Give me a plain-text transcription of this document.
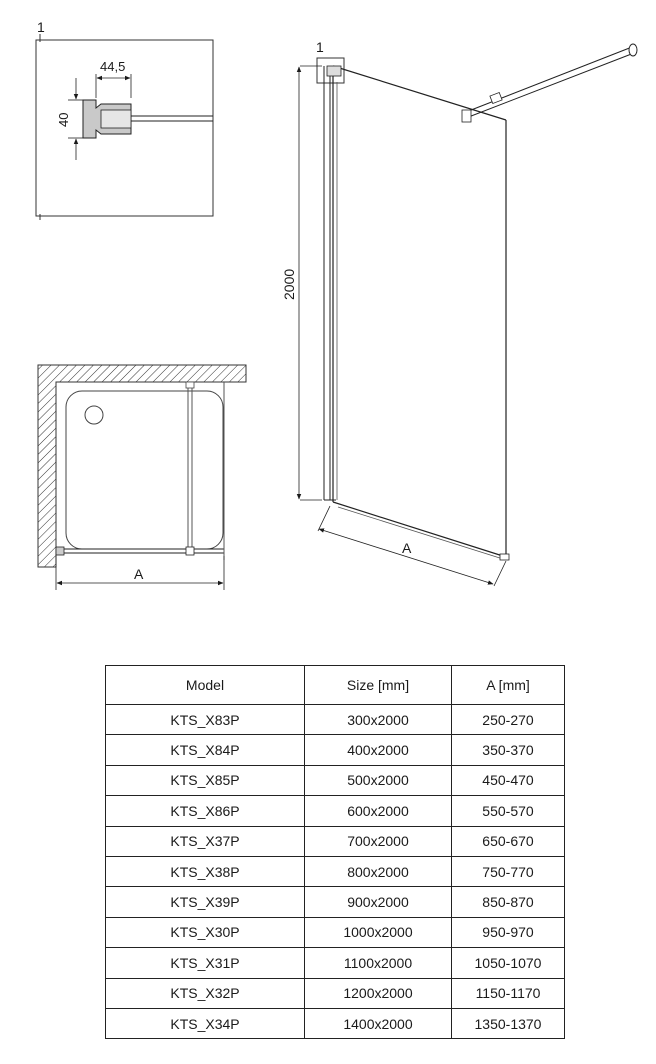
1
44,5
40
A
1
2000
A
Model	Size [mm]	A [mm]
KTS_X83P	300x2000	250-270
KTS_X84P	400x2000	350-370
KTS_X85P	500x2000	450-470
KTS_X86P	600x2000	550-570
KTS_X37P	700x2000	650-670
KTS_X38P	800x2000	750-770
KTS_X39P	900x2000	850-870
KTS_X30P	1000x2000	950-970
KTS_X31P	1100x2000	1050-1070
KTS_X32P	1200x2000	1150-1170
KTS_X34P	1400x2000	1350-1370
